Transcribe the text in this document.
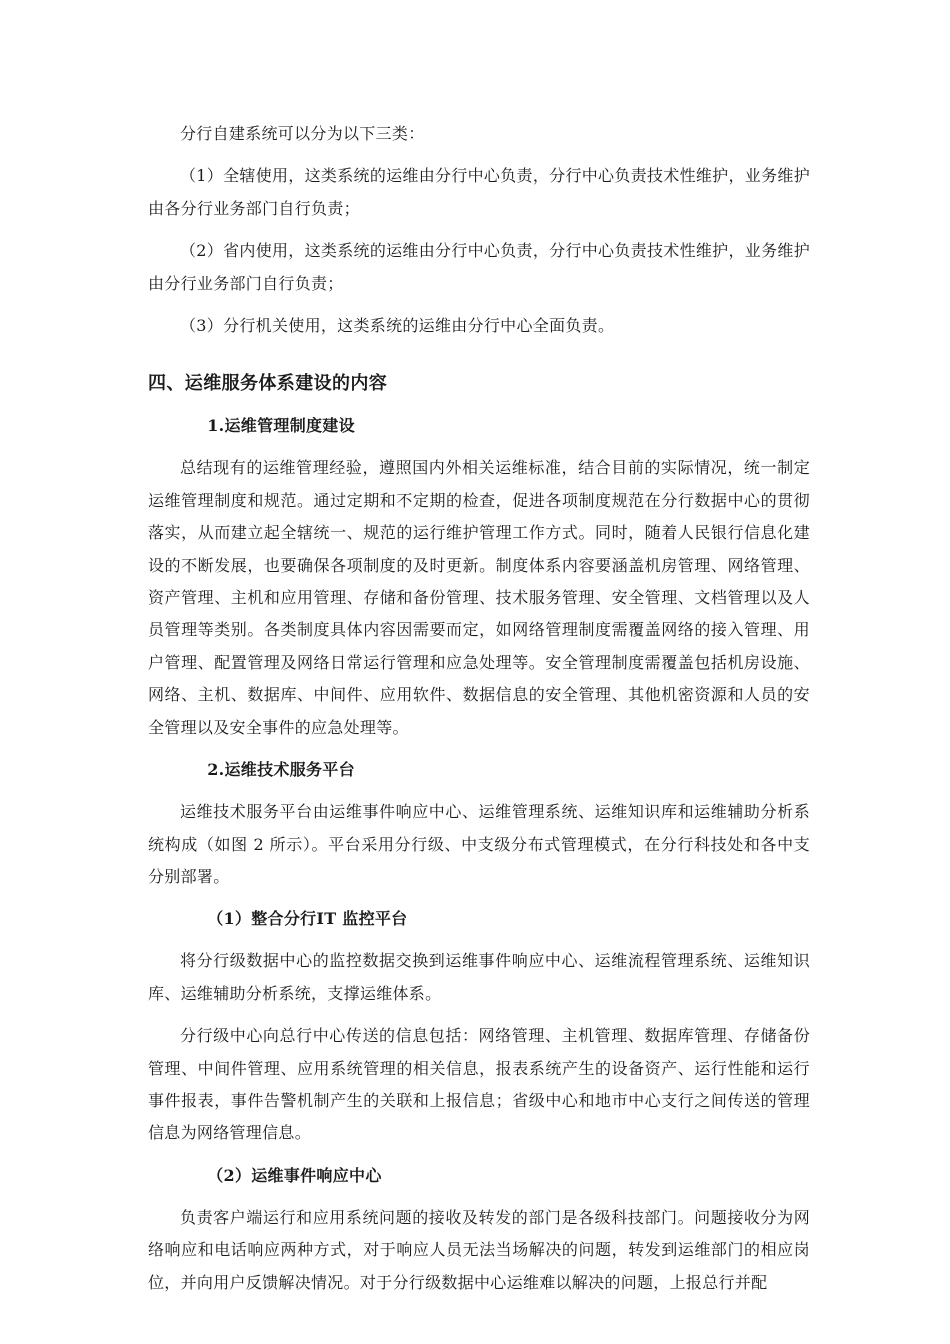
分行自建系统可以分为以下三类：

（1）全辖使用，这类系统的运维由分行中心负责，分行中心负责技术性维护，业务维护由各分行业务部门自行负责；

（2）省内使用，这类系统的运维由分行中心负责，分行中心负责技术性维护，业务维护由分行业务部门自行负责；

（3）分行机关使用，这类系统的运维由分行中心全面负责。

四、运维服务体系建设的内容
1.运维管理制度建设

总结现有的运维管理经验，遵照国内外相关运维标准，结合目前的实际情况，统一制定运维管理制度和规范。通过定期和不定期的检查，促进各项制度规范在分行数据中心的贯彻落实，从而建立起全辖统一、规范的运行维护管理工作方式。同时，随着人民银行信息化建设的不断发展，也要确保各项制度的及时更新。制度体系内容要涵盖机房管理、网络管理、资产管理、主机和应用管理、存储和备份管理、技术服务管理、安全管理、文档管理以及人员管理等类别。各类制度具体内容因需要而定，如网络管理制度需覆盖网络的接入管理、用户管理、配置管理及网络日常运行管理和应急处理等。安全管理制度需覆盖包括机房设施、网络、主机、数据库、中间件、应用软件、数据信息的安全管理、其他机密资源和人员的安全管理以及安全事件的应急处理等。

2.运维技术服务平台

运维技术服务平台由运维事件响应中心、运维管理系统、运维知识库和运维辅助分析系统构成（如图 2 所示）。平台采用分行级、中支级分布式管理模式，在分行科技处和各中支分别部署。

（1）整合分行IT 监控平台

将分行级数据中心的监控数据交换到运维事件响应中心、运维流程管理系统、运维知识库、运维辅助分析系统，支撑运维体系。

分行级中心向总行中心传送的信息包括：网络管理、主机管理、数据库管理、存储备份管理、中间件管理、应用系统管理的相关信息，报表系统产生的设备资产、运行性能和运行事件报表，事件告警机制产生的关联和上报信息；省级中心和地市中心支行之间传送的管理信息为网络管理信息。

（2）运维事件响应中心

负责客户端运行和应用系统问题的接收及转发的部门是各级科技部门。问题接收分为网络响应和电话响应两种方式，对于响应人员无法当场解决的问题，转发到运维部门的相应岗位，并向用户反馈解决情况。对于分行级数据中心运维难以解决的问题，上报总行并配
